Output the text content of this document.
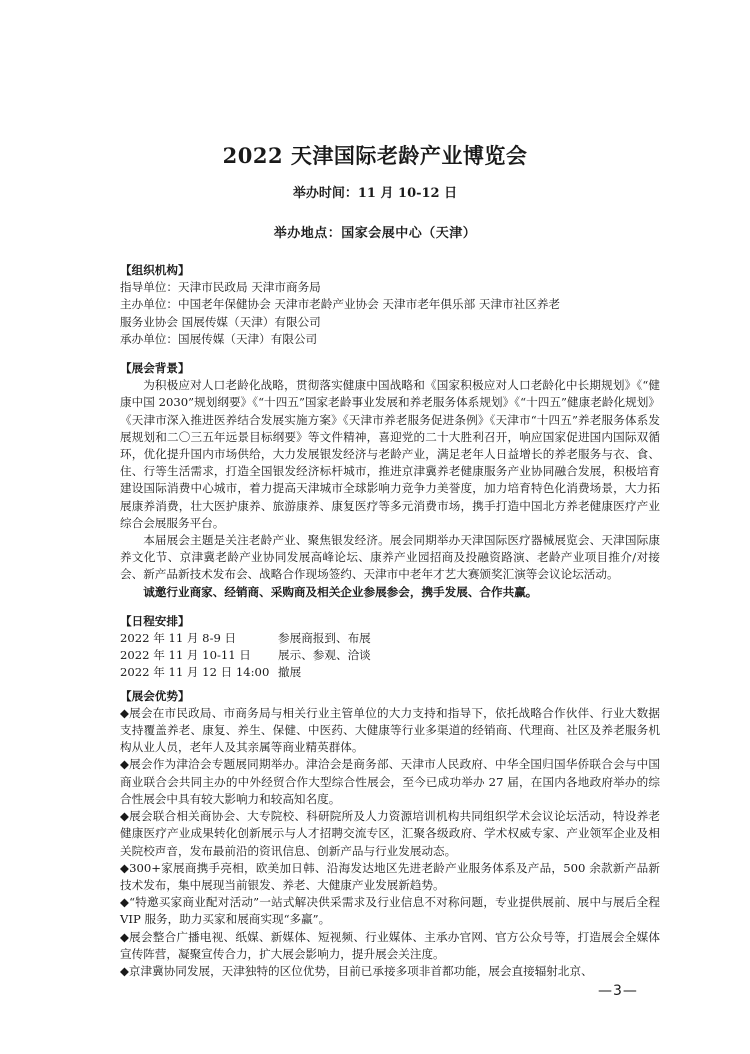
2022 天津国际老龄产业博览会
举办时间：11 月 10-12 日
举办地点：国家会展中心（天津）
【组织机构】
指导单位：天津市民政局 天津市商务局
主办单位：中国老年保健协会 天津市老龄产业协会 天津市老年俱乐部 天津市社区养老
服务业协会 国展传媒（天津）有限公司
承办单位：国展传媒（天津）有限公司
【展会背景】

为积极应对人口老龄化战略，贯彻落实健康中国战略和《国家积极应对人口老龄化中长期规划》《“健康中国 2030”规划纲要》《“十四五”国家老龄事业发展和养老服务体系规划》《“十四五”健康老龄化规划》《天津市深入推进医养结合发展实施方案》《天津市养老服务促进条例》《天津市“十四五”养老服务体系发展规划和二〇三五年远景目标纲要》等文件精神，喜迎党的二十大胜利召开，响应国家促进国内国际双循环，优化提升国内市场供给，大力发展银发经济与老龄产业，满足老年人日益增长的养老服务与衣、食、住、行等生活需求，打造全国银发经济标杆城市，推进京津冀养老健康服务产业协同融合发展，积极培育建设国际消费中心城市，着力提高天津城市全球影响力竞争力美誉度，加力培育特色化消费场景，大力拓展康养消费，壮大医护康养、旅游康养、康复医疗等多元消费市场，携手打造中国北方养老健康医疗产业综合会展服务平台。

本届展会主题是关注老龄产业、聚焦银发经济。展会同期举办天津国际医疗器械展览会、天津国际康养文化节、京津冀老龄产业协同发展高峰论坛、康养产业园招商及投融资路演、老龄产业项目推介/对接会、新产品新技术发布会、战略合作现场签约、天津市中老年才艺大赛颁奖汇演等会议论坛活动。

诚邀行业商家、经销商、采购商及相关企业参展参会，携手发展、合作共赢。

【日程安排】
2022 年 11 月 8-9 日	参展商报到、布展
2022 年 11 月 10-11 日	展示、参观、洽谈
2022 年 11 月 12 日 14:00 撤展
【展会优势】

◆展会在市民政局、市商务局与相关行业主管单位的大力支持和指导下，依托战略合作伙伴、行业大数据支持覆盖养老、康复、养生、保健、中医药、大健康等行业多渠道的经销商、代理商、社区及养老服务机构从业人员，老年人及其亲属等商业精英群体。

◆展会作为津洽会专题展同期举办。津洽会是商务部、天津市人民政府、中华全国归国华侨联合会与中国商业联合会共同主办的中外经贸合作大型综合性展会，至今已成功举办 27 届，在国内各地政府举办的综合性展会中具有较大影响力和较高知名度。

◆展会联合相关商协会、大专院校、科研院所及人力资源培训机构共同组织学术会议论坛活动，特设养老健康医疗产业成果转化创新展示与人才招聘交流专区，汇聚各级政府、学术权威专家、产业领军企业及相关院校声音，发布最前沿的资讯信息、创新产品与行业发展动态。

◆300+家展商携手亮相，欧美加日韩、沿海发达地区先进老龄产业服务体系及产品，500 余款新产品新技术发布，集中展现当前银发、养老、大健康产业发展新趋势。

◆“特邀买家商业配对活动”一站式解决供采需求及行业信息不对称问题，专业提供展前、展中与展后全程 VIP 服务，助力买家和展商实现“多赢”。

◆展会整合广播电视、纸媒、新媒体、短视频、行业媒体、主承办官网、官方公众号等，打造展会全媒体宣传阵营，凝聚宣传合力，扩大展会影响力，提升展会关注度。

◆京津冀协同发展，天津独特的区位优势，目前已承接多项非首都功能，展会直接辐射北京、

—3—
